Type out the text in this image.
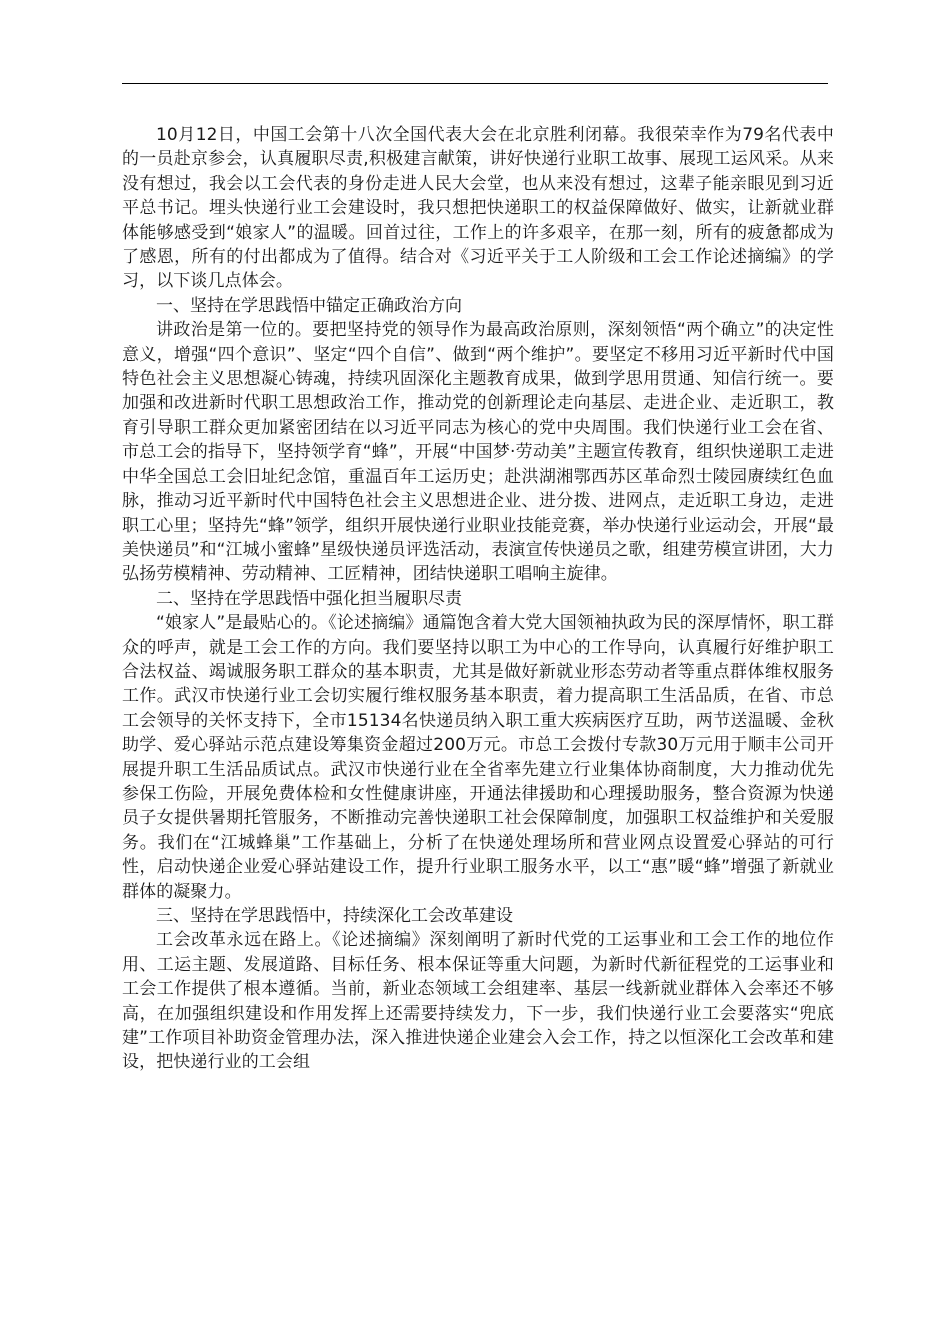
10月12日，中国工会第十八次全国代表大会在北京胜利闭幕。我很荣幸作为79名代表中的一员赴京参会，认真履职尽责,积极建言献策，讲好快递行业职工故事、展现工运风采。从来没有想过，我会以工会代表的身份走进人民大会堂，也从来没有想过，这辈子能亲眼见到习近平总书记。埋头快递行业工会建设时，我只想把快递职工的权益保障做好、做实，让新就业群体能够感受到“娘家人”的温暖。回首过往，工作上的许多艰辛，在那一刻，所有的疲惫都成为了感恩，所有的付出都成为了值得。结合对《习近平关于工人阶级和工会工作论述摘编》的学习，以下谈几点体会。

一、坚持在学思践悟中锚定正确政治方向

讲政治是第一位的。要把坚持党的领导作为最高政治原则，深刻领悟“两个确立”的决定性意义，增强“四个意识”、坚定“四个自信”、做到“两个维护”。要坚定不移用习近平新时代中国特色社会主义思想凝心铸魂，持续巩固深化主题教育成果，做到学思用贯通、知信行统一。要加强和改进新时代职工思想政治工作，推动党的创新理论走向基层、走进企业、走近职工，教育引导职工群众更加紧密团结在以习近平同志为核心的党中央周围。我们快递行业工会在省、市总工会的指导下，坚持领学育“蜂”，开展“中国梦·劳动美”主题宣传教育，组织快递职工走进中华全国总工会旧址纪念馆，重温百年工运历史；赴洪湖湘鄂西苏区革命烈士陵园赓续红色血脉，推动习近平新时代中国特色社会主义思想进企业、进分拨、进网点，走近职工身边，走进职工心里；坚持先“蜂”领学，组织开展快递行业职业技能竞赛，举办快递行业运动会，开展“最美快递员”和“江城小蜜蜂”星级快递员评选活动，表演宣传快递员之歌，组建劳模宣讲团，大力弘扬劳模精神、劳动精神、工匠精神，团结快递职工唱响主旋律。

二、坚持在学思践悟中强化担当履职尽责

“娘家人”是最贴心的。《论述摘编》通篇饱含着大党大国领袖执政为民的深厚情怀，职工群众的呼声，就是工会工作的方向。我们要坚持以职工为中心的工作导向，认真履行好维护职工合法权益、竭诚服务职工群众的基本职责，尤其是做好新就业形态劳动者等重点群体维权服务工作。武汉市快递行业工会切实履行维权服务基本职责，着力提高职工生活品质，在省、市总工会领导的关怀支持下，全市15134名快递员纳入职工重大疾病医疗互助，两节送温暖、金秋助学、爱心驿站示范点建设筹集资金超过200万元。市总工会拨付专款30万元用于顺丰公司开展提升职工生活品质试点。武汉市快递行业在全省率先建立行业集体协商制度，大力推动优先参保工伤险，开展免费体检和女性健康讲座，开通法律援助和心理援助服务，整合资源为快递员子女提供暑期托管服务，不断推动完善快递职工社会保障制度，加强职工权益维护和关爱服务。我们在“江城蜂巢”工作基础上，分析了在快递处理场所和营业网点设置爱心驿站的可行性，启动快递企业爱心驿站建设工作，提升行业职工服务水平，以工“惠”暖“蜂”增强了新就业群体的凝聚力。

三、坚持在学思践悟中，持续深化工会改革建设

工会改革永远在路上。《论述摘编》深刻阐明了新时代党的工运事业和工会工作的地位作用、工运主题、发展道路、目标任务、根本保证等重大问题，为新时代新征程党的工运事业和工会工作提供了根本遵循。当前，新业态领域工会组建率、基层一线新就业群体入会率还不够高，在加强组织建设和作用发挥上还需要持续发力，下一步，我们快递行业工会要落实“兜底建”工作项目补助资金管理办法，深入推进快递企业建会入会工作，持之以恒深化工会改革和建设，把快递行业的工会组
